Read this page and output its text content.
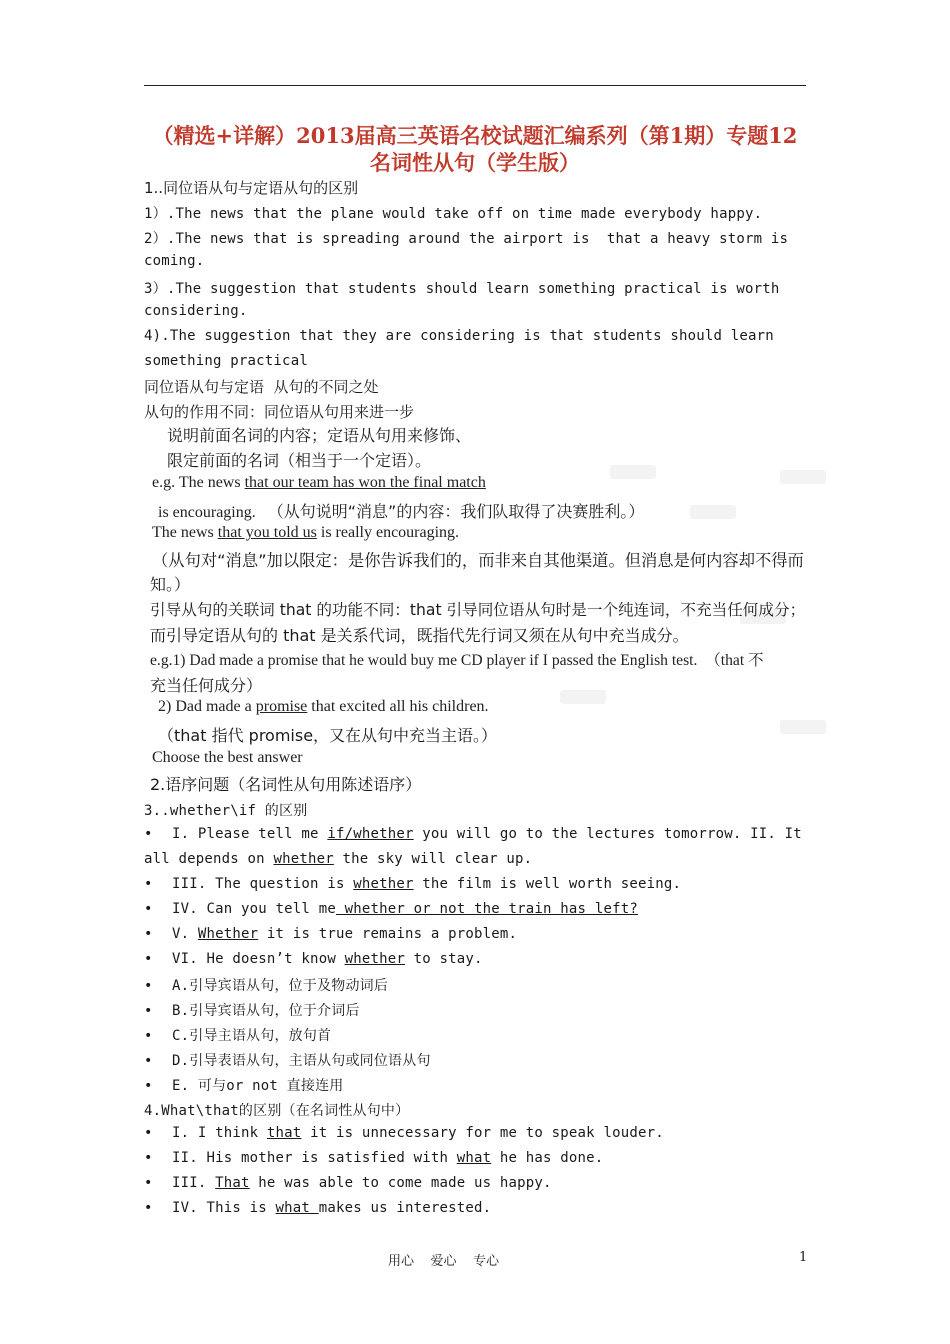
（精选+详解）2013届高三英语名校试题汇编系列（第1期）专题12 名词性从句（学生版）
1..同位语从句与定语从句的区别
1）.The news that the plane would take off on time made everybody happy.
2）.The news that is spreading around the airport is  that a heavy storm is
coming.
3）.The suggestion that students should learn something practical is worth
considering.
4).The suggestion that they are considering is that students should learn
something practical
同位语从句与定语  从句的不同之处
从句的作用不同：同位语从句用来进一步
说明前面名词的内容；定语从句用来修饰、
限定前面的名词（相当于一个定语）。
e.g. The news that our team has won the final match
is encouraging. （从句说明“消息”的内容：我们队取得了决赛胜利。）
The news that you told us is really encouraging.
（从句对“消息”加以限定：是你告诉我们的，而非来自其他渠道。但消息是何内容却不得而
知。）
引导从句的关联词 that 的功能不同：that 引导同位语从句时是一个纯连词，不充当任何成分；
而引导定语从句的 that 是关系代词，既指代先行词又须在从句中充当成分。
e.g.1) Dad made a promise that he would buy me CD player if I passed the English test.  （that 不
充当任何成分）
2) Dad made a promise that excited all his children.
（that 指代 promise，又在从句中充当主语。）
Choose the best answer
2.语序问题（名词性从句用陈述语序）
3..whether\if 的区别
• I. Please tell me if/whether you will go to the lectures tomorrow. II. It
all depends on whether the sky will clear up.
• III. The question is whether the film is well worth seeing.
• IV. Can you tell me whether or not the train has left?
• V. Whether it is true remains a problem.
• VI. He doesn’t know whether to stay.
• A.引导宾语从句，位于及物动词后
• B.引导宾语从句，位于介词后
• C.引导主语从句，放句首
• D.引导表语从句，主语从句或同位语从句
• E. 可与or not 直接连用
4.What\that的区别（在名词性从句中）
• I. I think that it is unnecessary for me to speak louder.
• II. His mother is satisfied with what he has done.
• III. That he was able to come made us happy.
• IV. This is what makes us interested.
用心    爱心    专心	1
